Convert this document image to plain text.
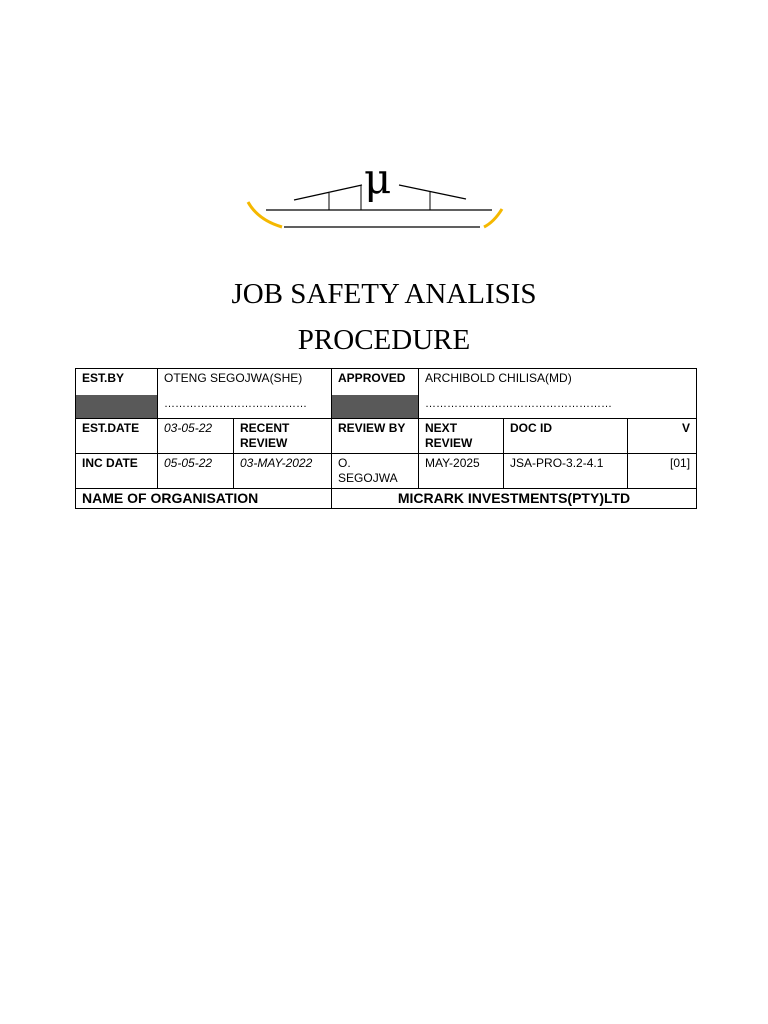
μ
JOB SAFETY ANALISIS
PROCEDURE
EST.BY	OTENG SEGOJWA(SHE)		APPROVED	ARCHIBOLD CHILISA(MD)		
	…………………………………			……………………………………………		
EST.DATE	03-05-22	RECENT REVIEW	REVIEW BY	NEXT REVIEW	DOC ID	V
INC DATE	05-05-22	03-MAY-2022	O. SEGOJWA	MAY-2025	JSA-PRO-3.2-4.1	[01]
NAME OF ORGANISATION			MICRARK INVESTMENTS(PTY)LTD			
